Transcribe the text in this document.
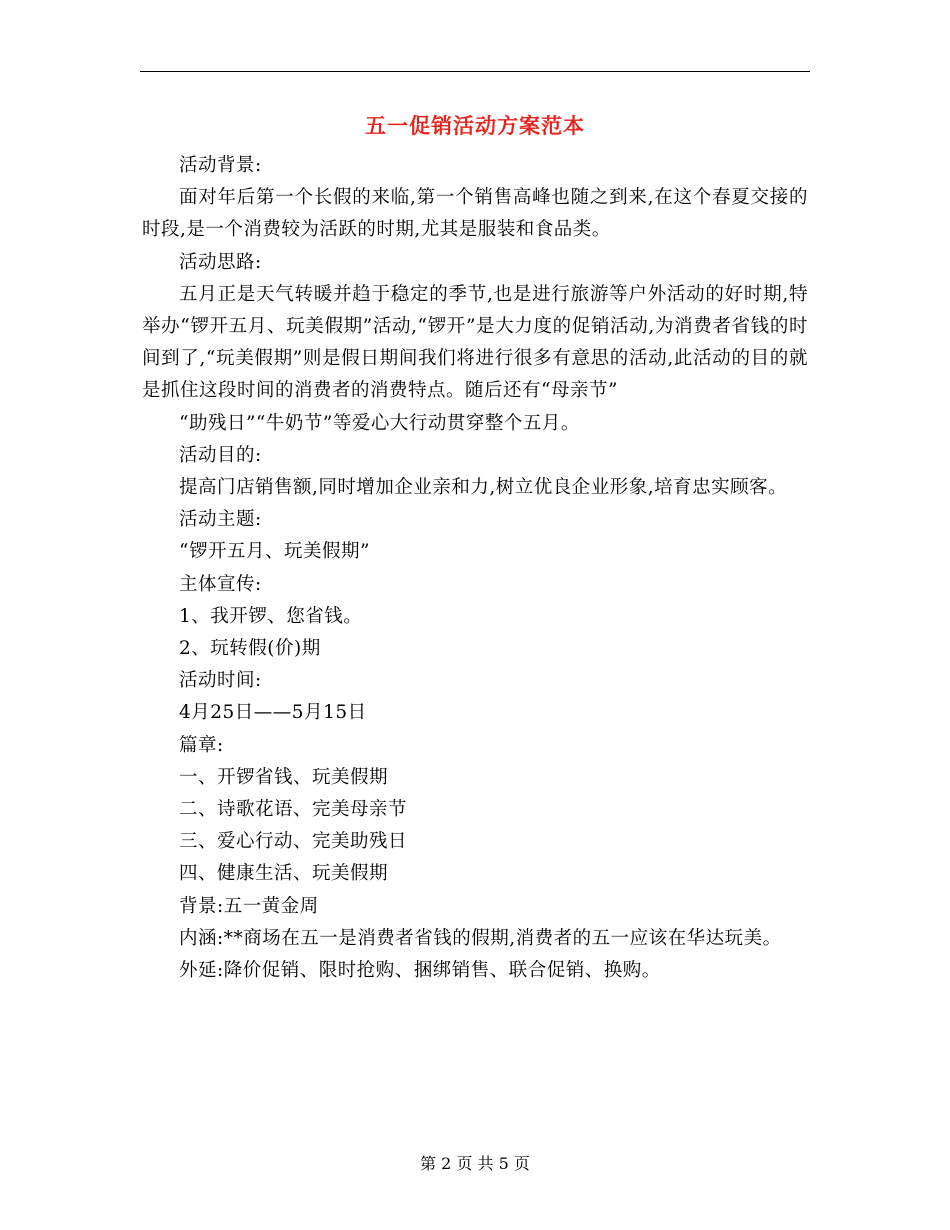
五一促销活动方案范本

活动背景:

面对年后第一个长假的来临,第一个销售高峰也随之到来,在这个春夏交接的时段,是一个消费较为活跃的时期,尤其是服装和食品类。

活动思路:

五月正是天气转暖并趋于稳定的季节,也是进行旅游等户外活动的好时期,特举办“锣开五月、玩美假期”活动,“锣开”是大力度的促销活动,为消费者省钱的时间到了,“玩美假期”则是假日期间我们将进行很多有意思的活动,此活动的目的就是抓住这段时间的消费者的消费特点。随后还有“母亲节”

“助残日”“牛奶节”等爱心大行动贯穿整个五月。

活动目的:

提高门店销售额,同时增加企业亲和力,树立优良企业形象,培育忠实顾客。

活动主题:

“锣开五月、玩美假期”

主体宣传:

1、我开锣、您省钱。

2、玩转假(价)期

活动时间:

4月25日——5月15日

篇章:

一、开锣省钱、玩美假期

二、诗歌花语、完美母亲节

三、爱心行动、完美助残日

四、健康生活、玩美假期

背景:五一黄金周

内涵:**商场在五一是消费者省钱的假期,消费者的五一应该在华达玩美。

外延:降价促销、限时抢购、捆绑销售、联合促销、换购。

第 2 页 共 5 页
